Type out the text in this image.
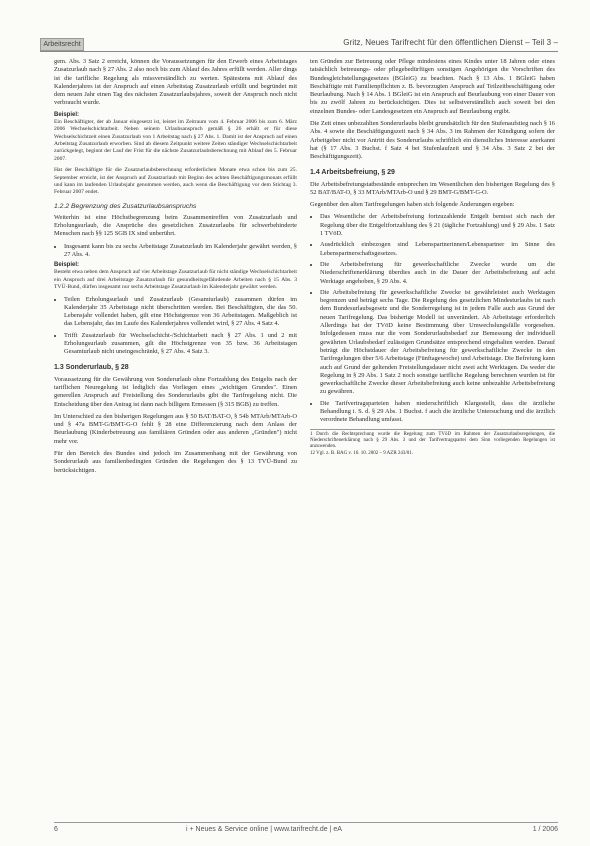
Arbeitsrecht	Gritz, Neues Tarifrecht für den öffentlichen Dienst – Teil 3 –

gem. Abs. 3 Satz 2 erreicht, können die Voraussetzungen für den Erwerb eines Arbeitstages Zusatzurlaub nach § 27 Abs. 2 also noch bis zum Ablauf des Jahres erfüllt werden. Aller dings ist die tarifliche Regelung als missverständlich zu werten. Spätestens mit Ablauf des Kalenderjahres ist der Anspruch auf einen Arbeitstag Zusatzurlaub erfüllt und begründet mit dem neuen Jahr einen Tag des nächsten Zusatzurlaubsjahres, soweit der Anspruch noch nicht verbraucht wurde.

Beispiel:

Ein Beschäftigter, der ab Januar eingesetzt ist, leistet im Zeitraum vom 4. Februar 2006 bis zum 6. März 2006 Wechselschichtarbeit. Neben seinem Urlaubsanspruch gemäß § 26 erhält er für diese Wechselschichtzeit einen Zusatzurlaub von 1 Arbeitstag nach § 27 Abs. 1. Damit ist der Anspruch auf einen Arbeitstag Zusatzurlaub erworben. Sind ab diesem Zeitpunkt weitere Zeiten ständiger Wechselschichtarbeit zurückgelegt, beginnt der Lauf der Frist für die nächste Zusatzurlaubsberechnung mit Ablauf des 5. Februar 2007.

Hat der Beschäftigte für die Zusatzurlaubsberechnung erforderlichen Monate etwa schon bis zum 25. September erreicht, ist der Anspruch auf Zusatzurlaub mit Beginn des achten Beschäftigungsmonats erfüllt und kann im laufenden Urlaubsjahr genommen werden, auch wenn die Beschäftigung vor dem Stichtag 3. Februar 2007 endet.

1.2.2 Begrenzung des Zusatzurlaubsanspruchs

Weiterhin ist eine Höchstbegrenzung beim Zusammentreffen von Zusatzurlaub und Erholungsurlaub, die Ansprüche des gesetzlichen Zusatzurlaubs für schwerbehinderte Menschen nach §§ 125 SGB IX sind unberührt.

• Insgesamt kann bis zu sechs Arbeitstage Zusatzurlaub im Kalenderjahr gewährt werden, § 27 Abs. 4.
Beispiel:

Besteht etwa neben dem Anspruch auf vier Arbeitstage Zusatzurlaub für nicht ständige Wechselschichtarbeit ein Anspruch auf drei Arbeitstage Zusatzurlaub für gesundheitsgefährdende Arbeiten nach § 15 Abs. 3 TVÜ-Bund, dürfen insgesamt nur sechs Arbeitstage Zusatzurlaub im Kalenderjahr gewährt werden.

• Teilen Erholungsurlaub und Zusatzurlaub (Gesamturlaub) zusammen dürfen im Kalenderjahr 35 Arbeitstage nicht überschritten werden. Bei Beschäftigten, die das 50. Lebensjahr vollendet haben, gilt eine Höchstgrenze von 36 Arbeitstagen. Maßgeblich ist das Lebensjahr, das im Laufe des Kalenderjahres vollendet wird, § 27 Abs. 4 Satz 4.
• Trifft Zusatzurlaub für Wechselschicht-/Schichtarbeit nach § 27 Abs. 1 und 2 mit Erholungsurlaub zusammen, gilt die Höchstgrenze von 35 bzw. 36 Arbeitstagen Gesamturlaub nicht uneingeschränkt, § 27 Abs. 4 Satz 3.
1.3 Sonderurlaub, § 28

Voraussetzung für die Gewährung von Sonderurlaub ohne Fortzahlung des Entgelts nach der tariflichen Neuregelung ist lediglich das Vorliegen eines „wichtigen Grundes". Einen generellen Anspruch auf Freistellung des Sonderurlaubs gibt die Tarifregelung nicht. Die Entscheidung über den Antrag ist dann nach billigem Ermessen (§ 315 BGB) zu treffen.

Im Unterschied zu den bisherigen Regelungen aus § 50 BAT/BAT-O, § 54b MTArb/MTArb-O und § 47a BMT-G/BMT-G-O fehlt § 28 eine Differenzierung nach dem Anlass der Beurlaubung (Kinderbetreuung aus familiären Gründen oder aus anderen „Gründen") nicht mehr vor.

Für den Bereich des Bundes sind jedoch im Zusammenhang mit der Gewährung von Sonderurlaub aus familienbedingten Gründen die Regelungen des § 13 TVÜ-Bund zu berücksichtigen.

ten Gründen zur Betreuung oder Pflege mindestens eines Kindes unter 18 Jahren oder eines tatsächlich betreuungs- oder pflegebedürftigen sonstigen Angehörigen die Vorschriften des Bundesgleichstellungsgesetzes (BGleiG) zu beachten. Nach § 13 Abs. 1 BGleiG haben Beschäftigte mit Familienpflichten z. B. bevorzugten Anspruch auf Teilzeitbeschäftigung oder Beurlaubung. Nach § 14 Abs. 1 BGleiG ist ein Anspruch auf Beurlaubung von einer Dauer von bis zu zwölf Jahren zu berücksichtigen. Dies ist selbstverständlich auch soweit bei den einzelnen Bundes- oder Landesgesetzen ein Anspruch auf Beurlaubung ergibt.

Die Zeit eines unbezahlten Sonderurlaubs bleibt grundsätzlich für den Stufenaufstieg nach § 16 Abs. 4 sowie die Beschäftigungszeit nach § 34 Abs. 3 im Rahmen der Kündigung sofern der Arbeitgeber nicht vor Antritt des Sonderurlaubs schriftlich ein dienstliches Interesse anerkannt hat (§ 17 Abs. 3 Buchst. f Satz 4 bei Stufenlaufzeit und § 34 Abs. 3 Satz 2 bei der Beschäftigungszeit).

1.4 Arbeitsbefreiung, § 29

Die Arbeitsbefreiungstatbestände entsprechen im Wesentlichen den bisherigen Regelung des § 52 BAT/BAT-O, § 33 MTArb/MTArb-O und § 29 BMT-G/BMT-G-O.

Gegenüber den alten Tarifregelungen haben sich folgende Änderungen ergeben:

• Das Wesentliche der Arbeitsbefreiung fortzuzahlende Entgelt bemisst sich nach der Regelung über die Entgeltfortzahlung des § 21 (tägliche Fortzahlung) und § 29 Abs. 1 Satz 1 TVöD.
• Ausdrücklich einbezogen sind Lebenspartnerinnen/Lebenspartner im Sinne des Lebenspartnerschaftsgesetzes.
• Die Arbeitsbefreiung für gewerkschaftliche Zwecke wurde um die Niederschriftenerklärung überdies auch in die Dauer der Arbeitsbefreiung auf acht Werktage angehoben, § 29 Abs. 4.
• Die Arbeitsbefreiung für gewerkschaftliche Zwecke ist gewährleistet auch Werktagen begrenzen und beträgt sechs Tage. Die Regelung des gesetzlichen Mindesturlaubs ist nach dem Bundesurlaubsgesetz und die Sonderregelung ist in jedem Falle auch aus Grund der neuen Tarifregelung. Das bisherige Modell ist unverändert. Ab Arbeitstage erforderlich Allerdings hat der TVöD keine Bestimmung über Umwechslungsfälle vorgesehen. Infolgedessen muss nur die vom Sonderurlaubsbedarf zur Bemessung der individuell gewährten Urlaubsbedarf zulässigen Grundsätze entsprechend eingehalten werden. Darauf beträgt die Höchstdauer der Arbeitsbefreiung für gewerkschaftliche Zwecke in den Tarifregelungen über 5/6 Arbeitstage (Fünftagewoche) und Arbeitstage. Die Befreiung kann auch auf Grund der geltenden Freistellungsdauer nicht zwei acht Werktagen. Da weder die Regelung in § 29 Abs. 1 Satz 2 noch sonstige tarifliche Regelung berechnen wurden ist für gewerkschaftliche Zwecke dieser Arbeitsbefreiung auch keine unbezahlte Arbeitsbefreiung zu gewähren.
• Die Tarifvertragsparteien haben niederschriftlich Klargestellt, dass die ärztliche Behandlung i. S. d. § 29 Abs. 1 Buchst. f auch die ärztliche Untersuchung und die ärztlich verordnete Behandlung umfasst.
1 Durch die Rechtsprechung wurde die Regelung zum TVöD im Rahmen der Zusatzurlaubsregelungen, die Niederschriftenerklärung nach § 29 Abs. 3 und der Tarifvertragspartei dem Sinn vorliegenden Regelungen ist anzuwenden.
12 Vgl. z. B. BAG v. 16. 10. 2002 – 9 AZR 243/01.
6	i + Neues & Service online | www.tarifrecht.de | eA	1 / 2006
